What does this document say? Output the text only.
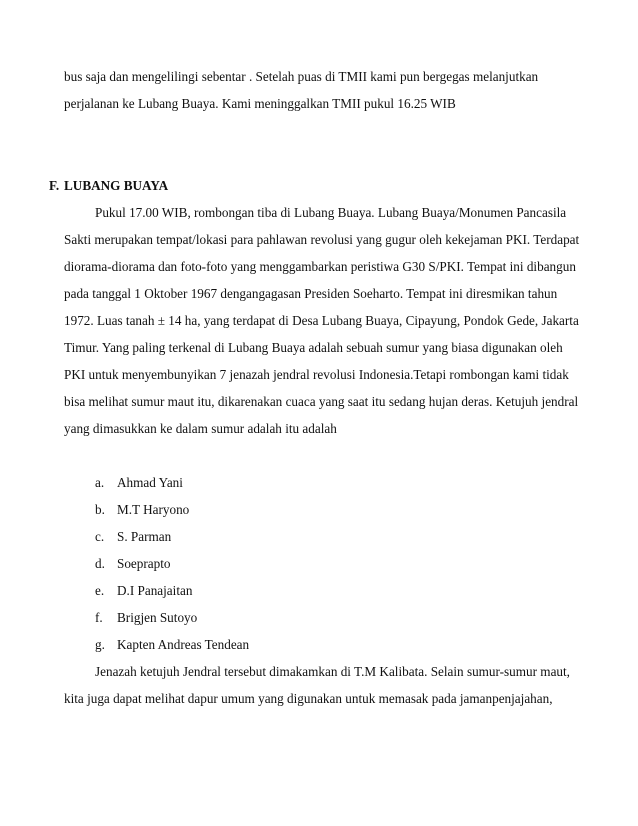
bus saja dan mengelilingi sebentar . Setelah puas di TMII kami pun bergegas melanjutkan
perjalanan ke Lubang Buaya. Kami meninggalkan TMII pukul 16.25 WIB
F. LUBANG BUAYA
Pukul 17.00 WIB, rombongan tiba di Lubang Buaya. Lubang Buaya/Monumen Pancasila
Sakti merupakan tempat/lokasi para pahlawan revolusi yang gugur oleh kekejaman PKI. Terdapat
diorama-diorama dan foto-foto yang menggambarkan peristiwa G30 S/PKI. Tempat ini dibangun
pada tanggal 1 Oktober 1967 dengangagasan Presiden Soeharto. Tempat ini diresmikan tahun
1972. Luas tanah ± 14 ha, yang terdapat di Desa Lubang Buaya, Cipayung, Pondok Gede, Jakarta
Timur. Yang paling terkenal di Lubang Buaya adalah sebuah sumur yang biasa digunakan oleh
PKI untuk menyembunyikan 7 jenazah jendral revolusi Indonesia.Tetapi rombongan kami tidak
bisa melihat sumur maut itu, dikarenakan cuaca yang saat itu sedang hujan deras. Ketujuh jendral
yang dimasukkan ke dalam sumur adalah itu adalah
a. Ahmad Yani
b. M.T Haryono
c. S. Parman
d. Soeprapto
e. D.I Panajaitan
f. Brigjen Sutoyo
g. Kapten Andreas Tendean
Jenazah ketujuh Jendral tersebut dimakamkan di T.M Kalibata. Selain sumur-sumur maut,
kita juga dapat melihat dapur umum yang digunakan untuk memasak pada jamanpenjajahan,
